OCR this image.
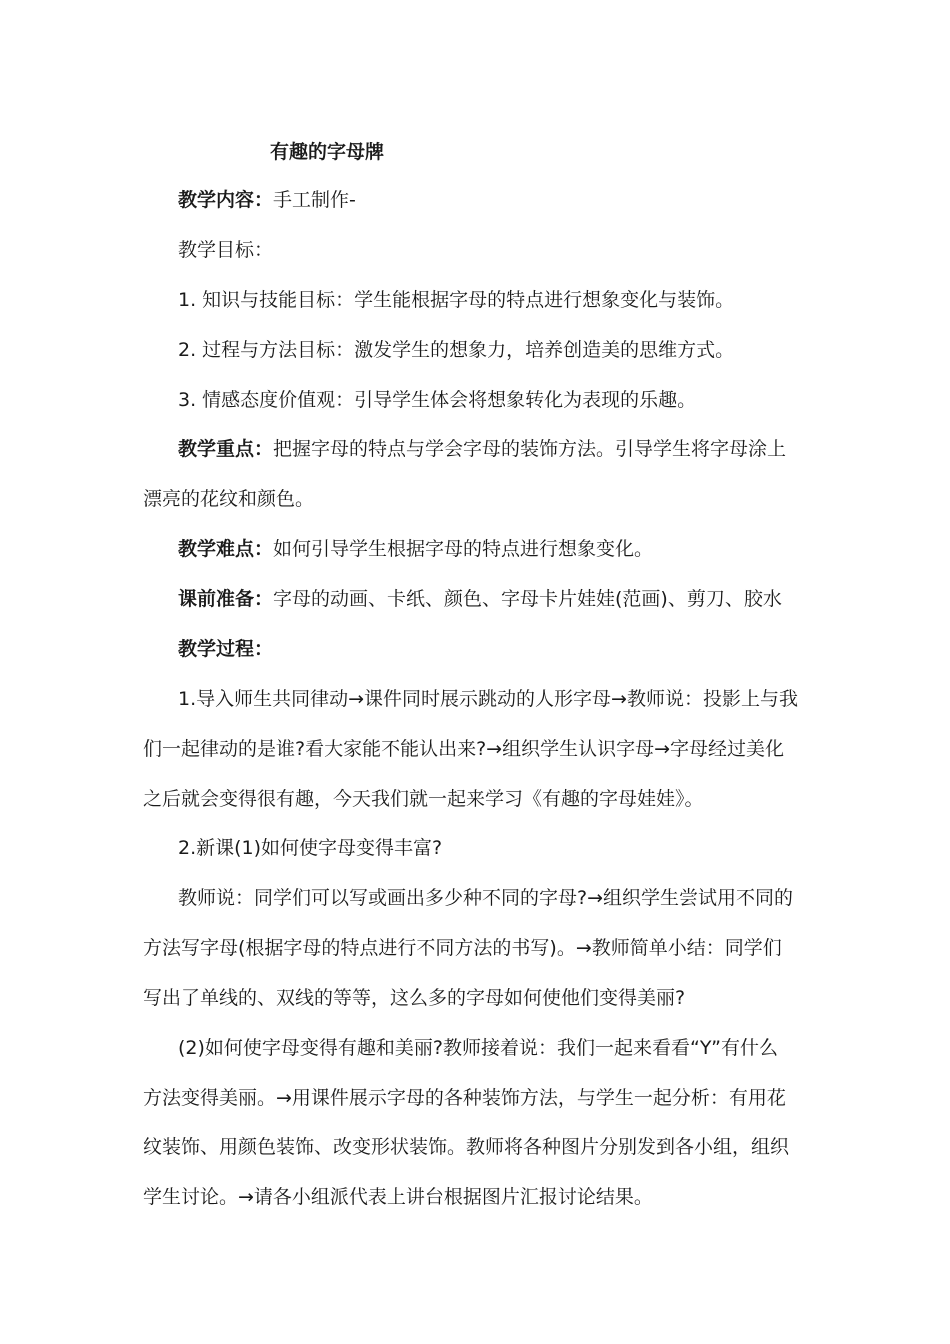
有趣的字母牌
教学内容：手工制作-
教学目标：
1. 知识与技能目标：学生能根据字母的特点进行想象变化与装饰。
2. 过程与方法目标：激发学生的想象力，培养创造美的思维方式。
3. 情感态度价值观：引导学生体会将想象转化为表现的乐趣。
教学重点：把握字母的特点与学会字母的装饰方法。引导学生将字母涂上
漂亮的花纹和颜色。
教学难点：如何引导学生根据字母的特点进行想象变化。
课前准备：字母的动画、卡纸、颜色、字母卡片娃娃(范画)、剪刀、胶水
教学过程：
1.导入师生共同律动→课件同时展示跳动的人形字母→教师说：投影上与我
们一起律动的是谁?看大家能不能认出来?→组织学生认识字母→字母经过美化
之后就会变得很有趣，今天我们就一起来学习《有趣的字母娃娃》。
2.新课(1)如何使字母变得丰富?
教师说：同学们可以写或画出多少种不同的字母?→组织学生尝试用不同的
方法写字母(根据字母的特点进行不同方法的书写)。→教师简单小结：同学们
写出了单线的、双线的等等，这么多的字母如何使他们变得美丽?
(2)如何使字母变得有趣和美丽?教师接着说：我们一起来看看“Y”有什么
方法变得美丽。→用课件展示字母的各种装饰方法，与学生一起分析：有用花
纹装饰、用颜色装饰、改变形状装饰。教师将各种图片分别发到各小组，组织
学生讨论。→请各小组派代表上讲台根据图片汇报讨论结果。
